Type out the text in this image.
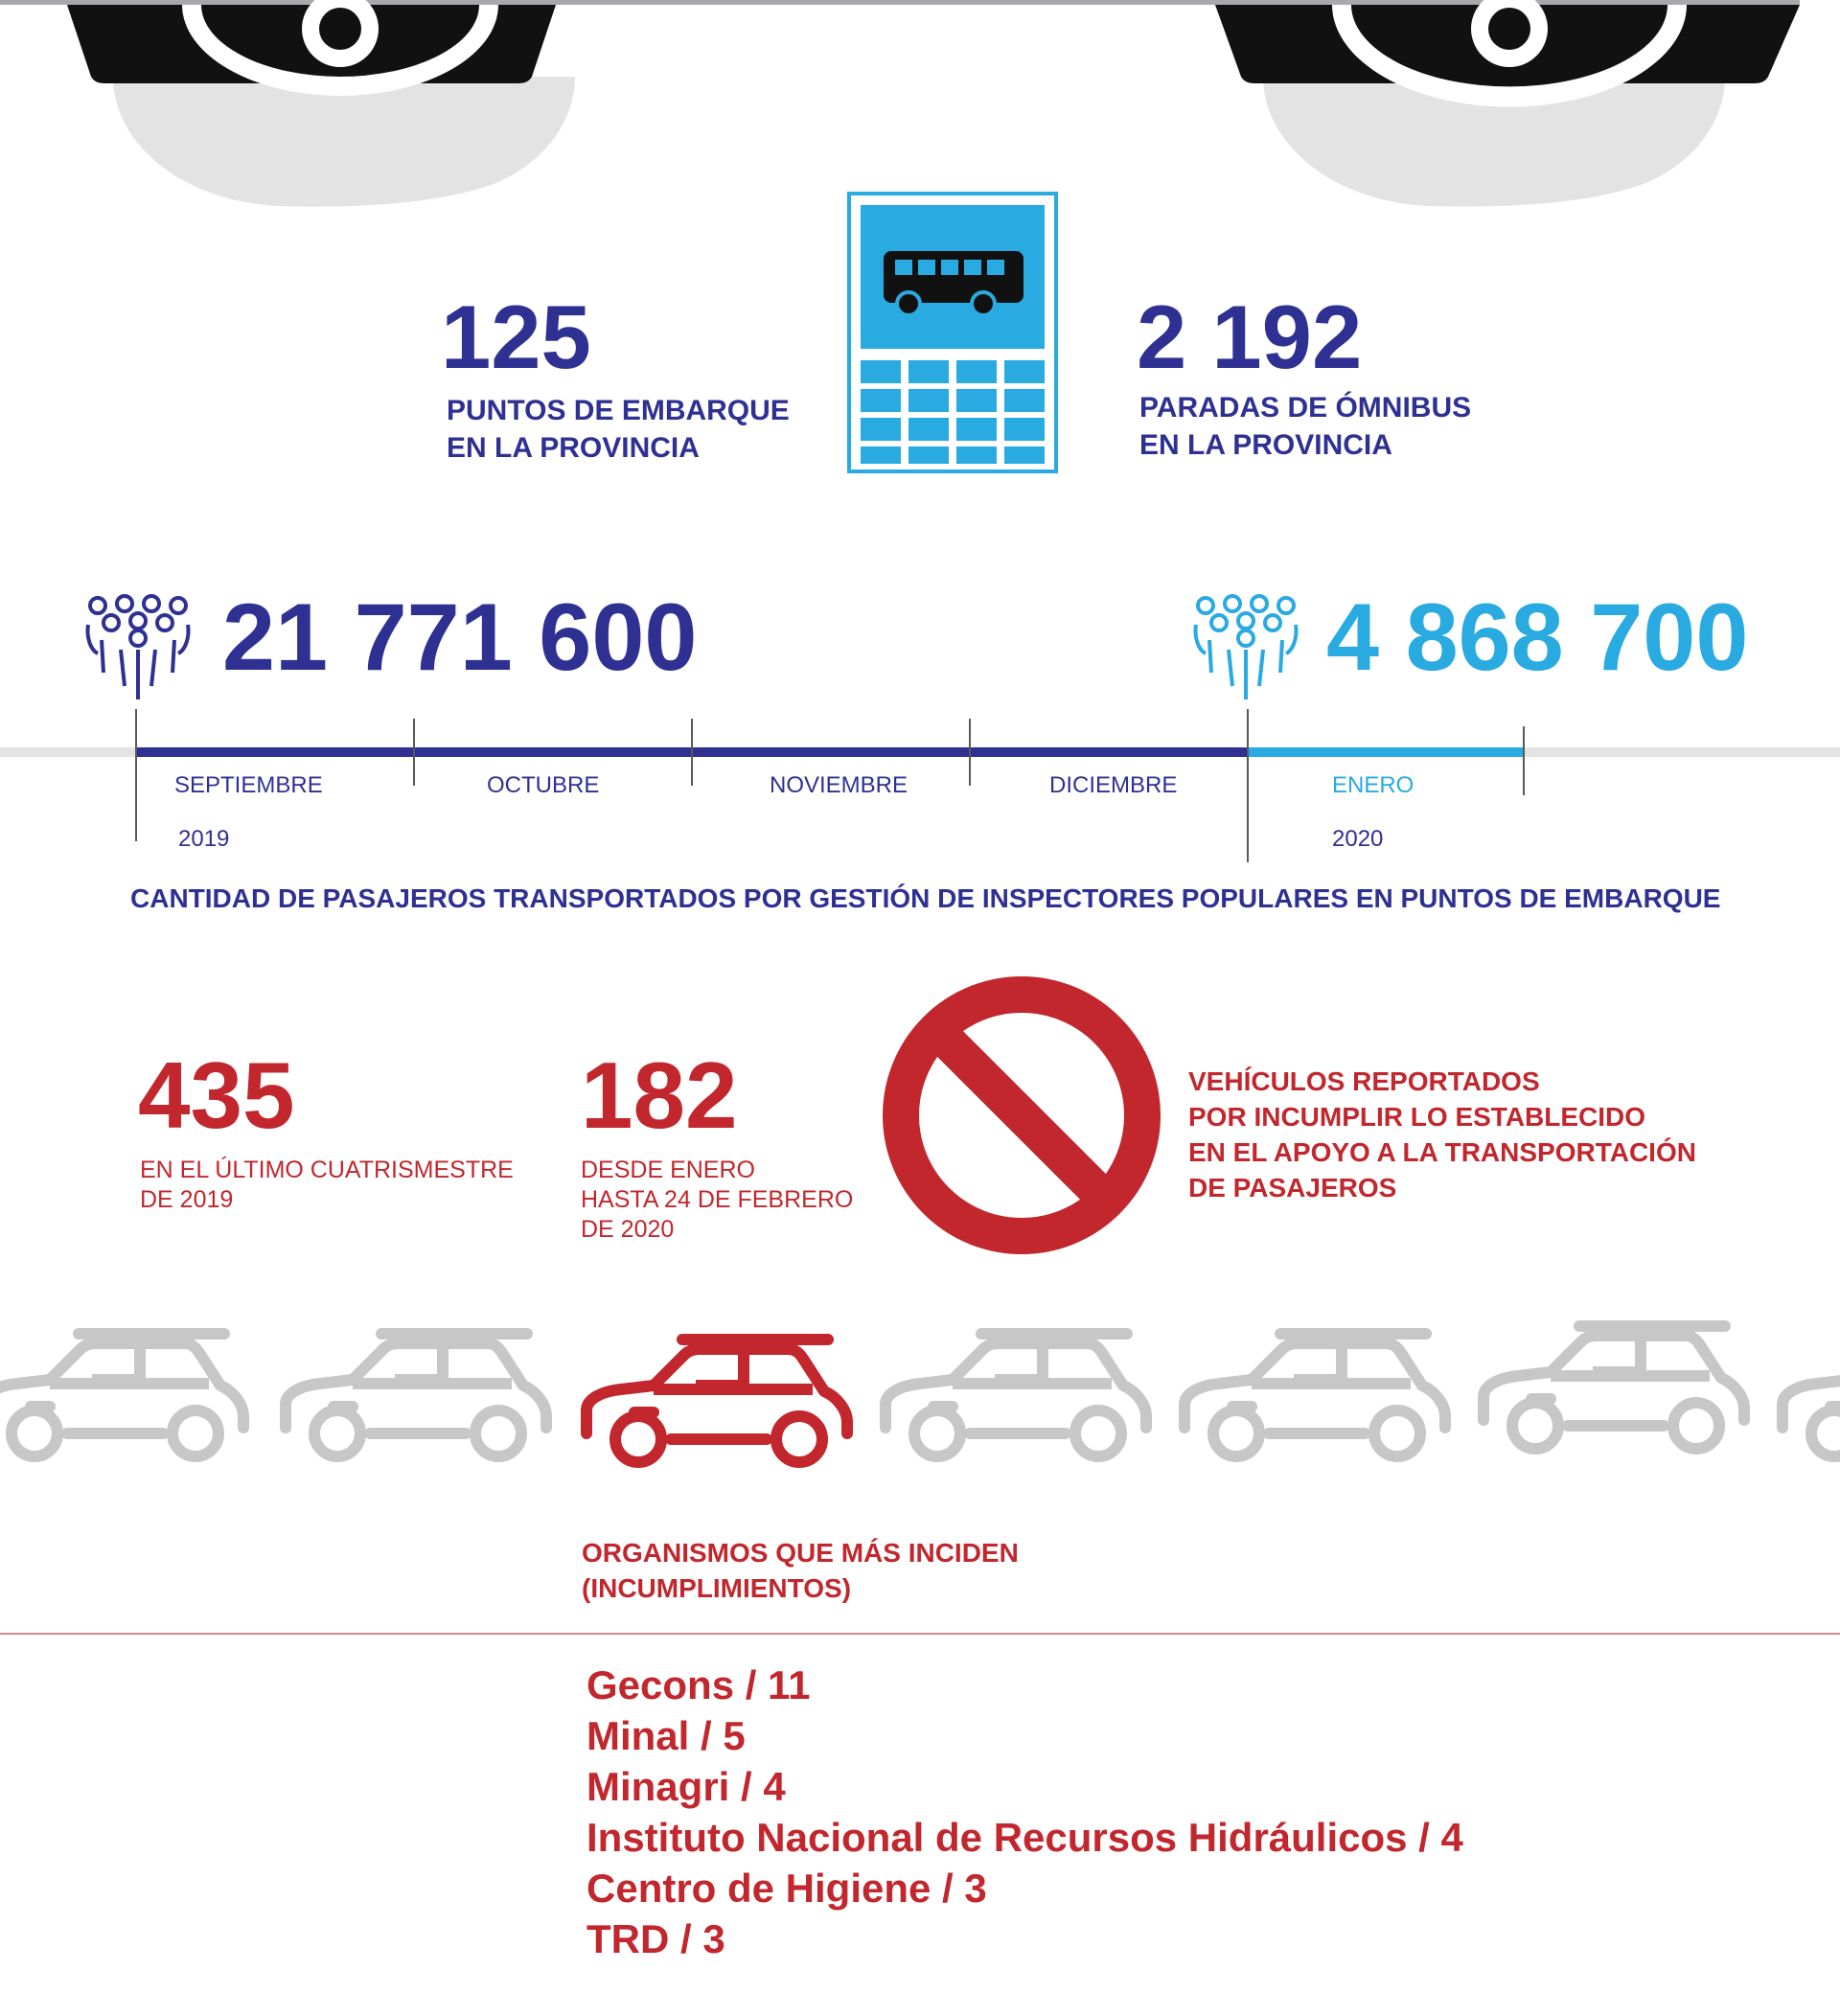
125
PUNTOS DE EMBARQUE
EN LA PROVINCIA
2 192
PARADAS DE ÓMNIBUS
EN LA PROVINCIA
21 771 600	4 868 700
SEPTIEMBRE	OCTUBRE	NOVIEMBRE	DICIEMBRE	ENERO
2019	2020
CANTIDAD DE PASAJEROS TRANSPORTADOS POR GESTIÓN DE INSPECTORES POPULARES EN PUNTOS DE EMBARQUE
435
EN EL ÚLTIMO CUATRISMESTRE
DE 2019
182
DESDE ENERO
HASTA 24 DE FEBRERO
DE 2020
VEHÍCULOS REPORTADOS
POR INCUMPLIR LO ESTABLECIDO
EN EL APOYO A LA TRANSPORTACIÓN
DE PASAJEROS
ORGANISMOS QUE MÁS INCIDEN
(INCUMPLIMIENTOS)
Gecons / 11
Minal / 5
Minagri / 4
Instituto Nacional de Recursos Hidráulicos / 4
Centro de Higiene / 3
TRD / 3
